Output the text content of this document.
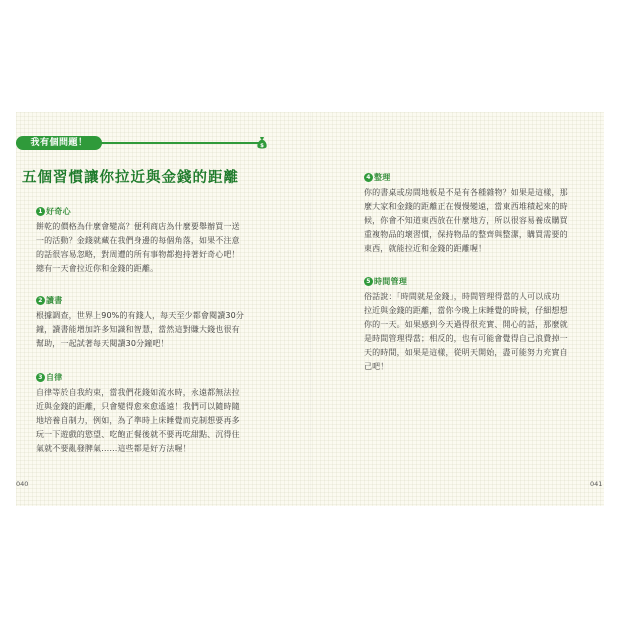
我有個問題！	$
五個習慣讓你拉近與金錢的距離
1 好奇心
餅乾的價格為什麼會變高？便利商店為什麼要舉辦買一送
一的活動？金錢就藏在我們身邊的每個角落，如果不注意
的話很容易忽略，對周遭的所有事物都抱持著好奇心吧！
總有一天會拉近你和金錢的距離。
2 讀書
根據調查，世界上90%的有錢人，每天至少都會閱讀30分
鐘，讀書能增加許多知識和智慧，當然這對賺大錢也很有
幫助，一起試著每天閱讀30分鐘吧！
3 自律
自律等於自我約束，當我們花錢如流水時，永遠都無法拉
近與金錢的距離，只會變得愈來愈遙遠！我們可以隨時隨
地培養自制力，例如，為了準時上床睡覺而克制想要再多
玩一下遊戲的慾望、吃飽正餐後就不要再吃甜點、沉得住
氣就不要亂發脾氣……這些都是好方法喔！
4 整理
你的書桌或房間地板是不是有各種雜物？如果是這樣，那
麼大家和金錢的距離正在慢慢變遠，當東西堆積起來的時
候，你會不知道東西放在什麼地方，所以很容易養成購買
重複物品的壞習慣，保持物品的整齊與整潔，購買需要的
東西，就能拉近和金錢的距離喔！
5 時間管理
俗話說：「時間就是金錢」，時間管理得當的人可以成功
拉近與金錢的距離，當你今晚上床睡覺的時候，仔細想想
你的一天。如果感到今天過得很充實、開心的話，那麼就
是時間管理得當；相反的，也有可能會覺得自己浪費掉一
天的時間，如果是這樣，從明天開始，盡可能努力充實自
己吧！
040	041
